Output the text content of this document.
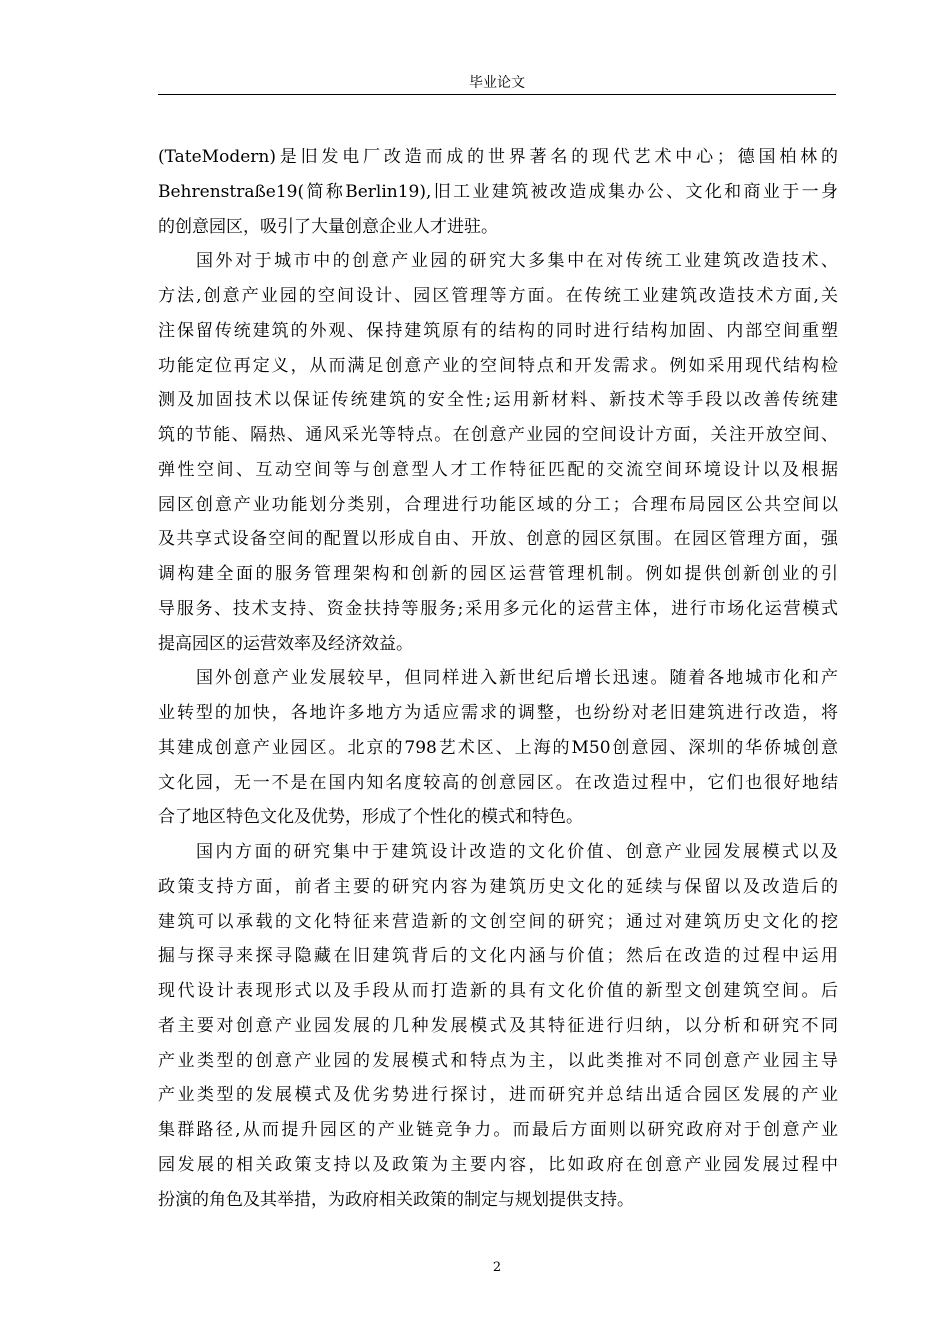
毕业论文
(TateModern)是旧发电厂改造而成的世界著名的现代艺术中心；德国柏林的
Behrenstraße19(简称Berlin19),旧工业建筑被改造成集办公、文化和商业于一身
的创意园区，吸引了大量创意企业人才进驻。
国外对于城市中的创意产业园的研究大多集中在对传统工业建筑改造技术、
方法,创意产业园的空间设计、园区管理等方面。在传统工业建筑改造技术方面,关
注保留传统建筑的外观、保持建筑原有的结构的同时进行结构加固、内部空间重塑
功能定位再定义，从而满足创意产业的空间特点和开发需求。例如采用现代结构检
测及加固技术以保证传统建筑的安全性;运用新材料、新技术等手段以改善传统建
筑的节能、隔热、通风采光等特点。在创意产业园的空间设计方面，关注开放空间、
弹性空间、互动空间等与创意型人才工作特征匹配的交流空间环境设计以及根据
园区创意产业功能划分类别，合理进行功能区域的分工；合理布局园区公共空间以
及共享式设备空间的配置以形成自由、开放、创意的园区氛围。在园区管理方面，强
调构建全面的服务管理架构和创新的园区运营管理机制。例如提供创新创业的引
导服务、技术支持、资金扶持等服务;采用多元化的运营主体，进行市场化运营模式
提高园区的运营效率及经济效益。
国外创意产业发展较早，但同样进入新世纪后增长迅速。随着各地城市化和产
业转型的加快，各地许多地方为适应需求的调整，也纷纷对老旧建筑进行改造，将
其建成创意产业园区。北京的798艺术区、上海的M50创意园、深圳的华侨城创意
文化园，无一不是在国内知名度较高的创意园区。在改造过程中，它们也很好地结
合了地区特色文化及优势，形成了个性化的模式和特色。
国内方面的研究集中于建筑设计改造的文化价值、创意产业园发展模式以及
政策支持方面，前者主要的研究内容为建筑历史文化的延续与保留以及改造后的
建筑可以承载的文化特征来营造新的文创空间的研究；通过对建筑历史文化的挖
掘与探寻来探寻隐藏在旧建筑背后的文化内涵与价值；然后在改造的过程中运用
现代设计表现形式以及手段从而打造新的具有文化价值的新型文创建筑空间。后
者主要对创意产业园发展的几种发展模式及其特征进行归纳，以分析和研究不同
产业类型的创意产业园的发展模式和特点为主，以此类推对不同创意产业园主导
产业类型的发展模式及优劣势进行探讨，进而研究并总结出适合园区发展的产业
集群路径,从而提升园区的产业链竞争力。而最后方面则以研究政府对于创意产业
园发展的相关政策支持以及政策为主要内容，比如政府在创意产业园发展过程中
扮演的角色及其举措，为政府相关政策的制定与规划提供支持。
2
